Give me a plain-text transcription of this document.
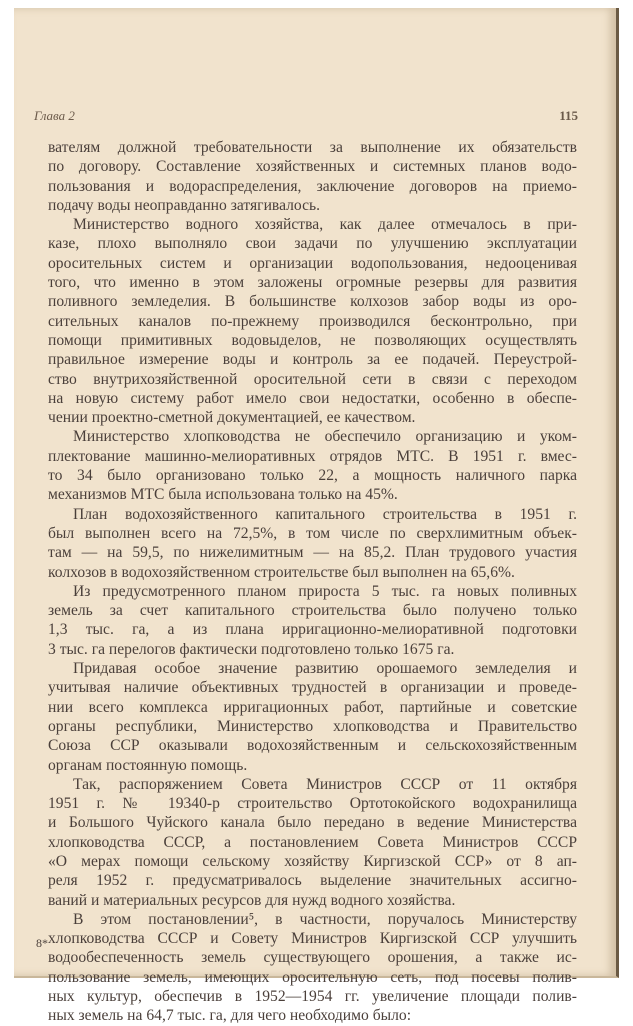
Глава 2	115
вателям должной требовательности за выполнение их обязательств
по договору. Составление хозяйственных и системных планов водо-
пользования и водораспределения, заключение договоров на приемо-
подачу воды неоправданно затягивалось.
Министерство водного хозяйства, как далее отмечалось в при-
казе, плохо выполняло свои задачи по улучшению эксплуатации
оросительных систем и организации водопользования, недооценивая
того, что именно в этом заложены огромные резервы для развития
поливного земледелия. В большинстве колхозов забор воды из оро-
сительных каналов по-прежнему производился бесконтрольно, при
помощи примитивных водовыделов, не позволяющих осуществлять
правильное измерение воды и контроль за ее подачей. Переустрой-
ство внутрихозяйственной оросительной сети в связи с переходом
на новую систему работ имело свои недостатки, особенно в обеспе-
чении проектно-сметной документацией, ее качеством.
Министерство хлопководства не обеспечило организацию и уком-
плектование машинно-мелиоративных отрядов МТС. В 1951 г. вмес-
то 34 было организовано только 22, а мощность наличного парка
механизмов МТС была использована только на 45%.
План водохозяйственного капитального строительства в 1951 г.
был выполнен всего на 72,5%, в том числе по сверхлимитным объек-
там — на 59,5, по нижелимитным — на 85,2. План трудового участия
колхозов в водохозяйственном строительстве был выполнен на 65,6%.
Из предусмотренного планом прироста 5 тыс. га новых поливных
земель за счет капитального строительства было получено только
1,3 тыс. га, а из плана ирригационно-мелиоративной подготовки
3 тыс. га перелогов фактически подготовлено только 1675 га.
Придавая особое значение развитию орошаемого земледелия и
учитывая наличие объективных трудностей в организации и проведе-
нии всего комплекса ирригационных работ, партийные и советские
органы республики, Министерство хлопководства и Правительство
Союза ССР оказывали водохозяйственным и сельскохозяйственным
органам постоянную помощь.
Так, распоряжением Совета Министров СССР от 11 октября
1951 г. № 19340-р строительство Ортотокойского водохранилища
и Большого Чуйского канала было передано в ведение Министерства
хлопководства СССР, а постановлением Совета Министров СССР
«О мерах помощи сельскому хозяйству Киргизской ССР» от 8 ап-
реля 1952 г. предусматривалось выделение значительных ассигно-
ваний и материальных ресурсов для нужд водного хозяйства.
В этом постановлении⁵, в частности, поручалось Министерству
хлопководства СССР и Совету Министров Киргизской ССР улучшить
водообеспеченность земель существующего орошения, а также ис-
пользование земель, имеющих оросительную сеть, под посевы полив-
ных культур, обеспечив в 1952—1954 гг. увеличение площади полив-
ных земель на 64,7 тыс. га, для чего необходимо было:
8*
